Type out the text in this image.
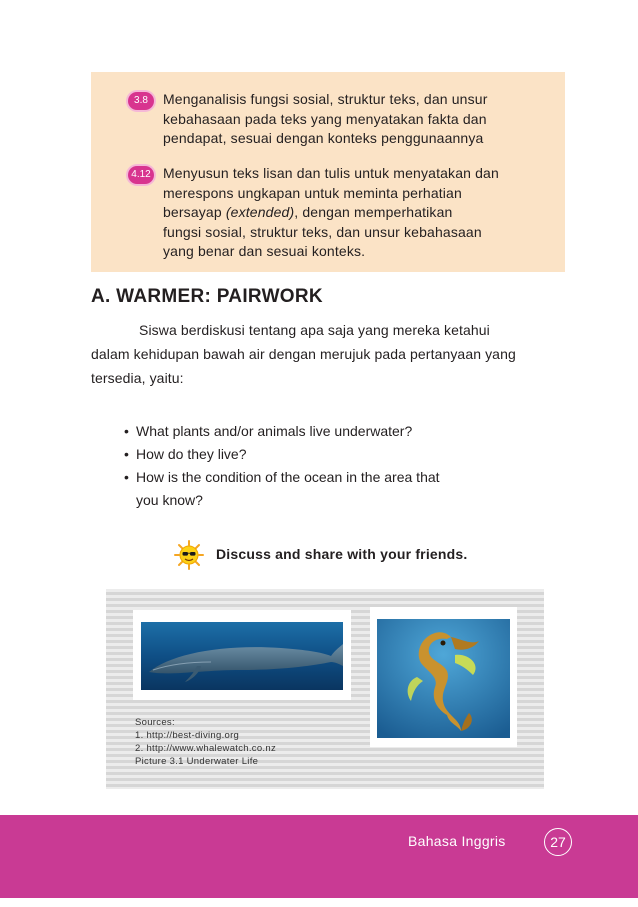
3.8	Menganalisis fungsi sosial, struktur teks, dan unsur
kebahasaan pada teks yang menyatakan fakta dan
pendapat, sesuai dengan konteks penggunaannya
4.12 Menyusun teks lisan dan tulis untuk menyatakan dan
merespons ungkapan untuk meminta perhatian
bersayap (extended), dengan memperhatikan
fungsi sosial, struktur teks, dan unsur kebahasaan
yang benar dan sesuai konteks.
A. WARMER: PAIRWORK
Siswa berdiskusi tentang apa saja yang mereka ketahui
dalam kehidupan bawah air dengan merujuk pada pertanyaan yang
tersedia, yaitu:
• What plants and/or animals live underwater?
• How do they live?
• How is the condition of the ocean in the area that
you know?
Discuss and share with your friends.
Sources:
1. http://best-diving.org
2. http://www.whalewatch.co.nz
Picture 3.1 Underwater Life
Bahasa Inggris	27
